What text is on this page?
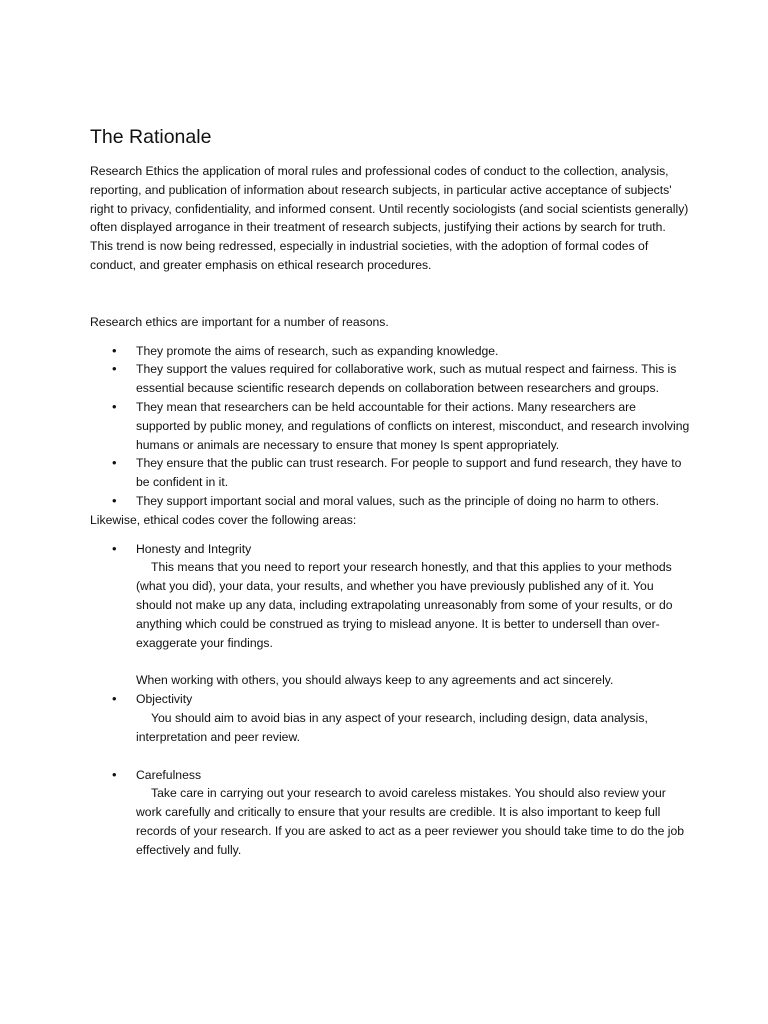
The Rationale

Research Ethics the application of moral rules and professional codes of conduct to the collection, analysis, reporting, and publication of information about research subjects, in particular active acceptance of subjects' right to privacy, confidentiality, and informed consent. Until recently sociologists (and social scientists generally) often displayed arrogance in their treatment of research subjects, justifying their actions by search for truth. This trend is now being redressed, especially in industrial societies, with the adoption of formal codes of conduct, and greater emphasis on ethical research procedures.

Research ethics are important for a number of reasons.

• They promote the aims of research, such as expanding knowledge.
• They support the values required for collaborative work, such as mutual respect and fairness. This is essential because scientific research depends on collaboration between researchers and groups.
• They mean that researchers can be held accountable for their actions. Many researchers are supported by public money, and regulations of conflicts on interest, misconduct, and research involving humans or animals are necessary to ensure that money Is spent appropriately.
• They ensure that the public can trust research. For people to support and fund research, they have to be confident in it.
• They support important social and moral values, such as the principle of doing no harm to others.

Likewise, ethical codes cover the following areas:

• Honesty and Integrity
This means that you need to report your research honestly, and that this applies to your methods (what you did), your data, your results, and whether you have previously published any of it. You should not make up any data, including extrapolating unreasonably from some of your results, or do anything which could be construed as trying to mislead anyone. It is better to undersell than over-exaggerate your findings.
When working with others, you should always keep to any agreements and act sincerely.
• Objectivity
You should aim to avoid bias in any aspect of your research, including design, data analysis, interpretation and peer review.
• Carefulness
Take care in carrying out your research to avoid careless mistakes. You should also review your work carefully and critically to ensure that your results are credible. It is also important to keep full records of your research. If you are asked to act as a peer reviewer you should take time to do the job effectively and fully.
